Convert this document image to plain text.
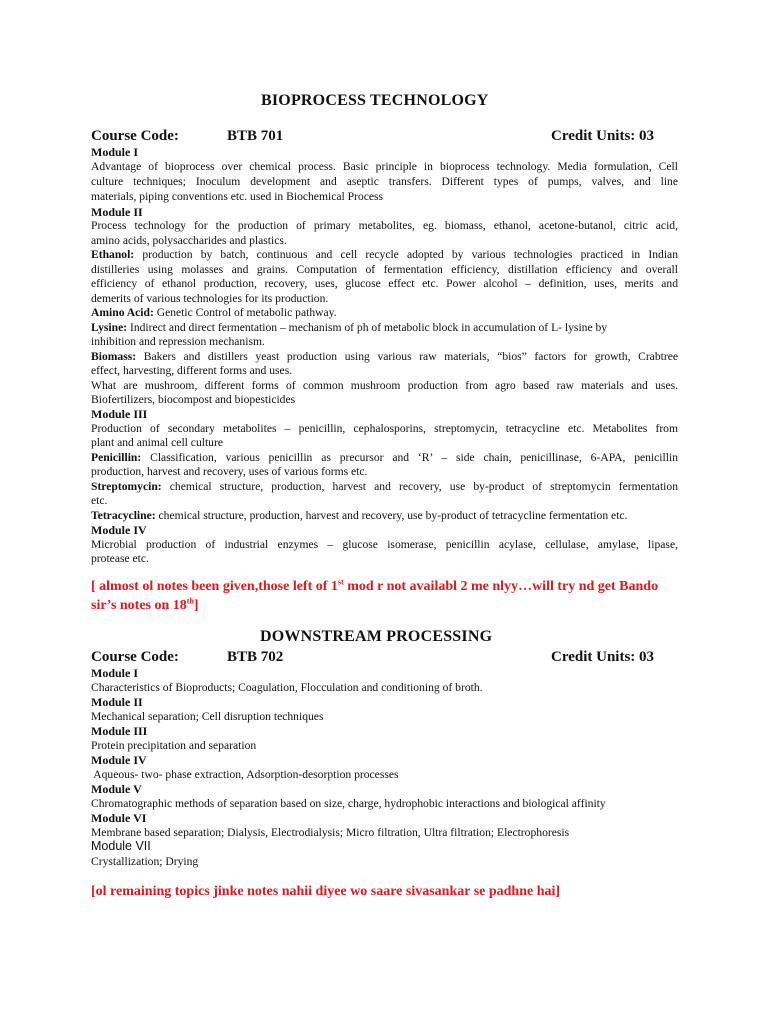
BIOPROCESS TECHNOLOGY
Course Code:	BTB 701	Credit Units: 03
Module I
Advantage of bioprocess over chemical process. Basic principle in bioprocess technology. Media formulation, Cell
culture techniques; Inoculum development and aseptic transfers. Different types of pumps, valves, and line
materials, piping conventions etc. used in Biochemical Process
Module II
Process technology for the production of primary metabolites, eg. biomass, ethanol, acetone-butanol, citric acid,
amino acids, polysaccharides and plastics.
Ethanol: production by batch, continuous and cell recycle adopted by various technologies practiced in Indian
distilleries using molasses and grains. Computation of fermentation efficiency, distillation efficiency and overall
efficiency of ethanol production, recovery, uses, glucose effect etc. Power alcohol – definition, uses, merits and
demerits of various technologies for its production.
Amino Acid: Genetic Control of metabolic pathway.
Lysine: Indirect and direct fermentation – mechanism of ph of metabolic block in accumulation of L- lysine by
inhibition and repression mechanism.
Biomass: Bakers and distillers yeast production using various raw materials, “bios” factors for growth, Crabtree
effect, harvesting, different forms and uses.
What are mushroom, different forms of common mushroom production from agro based raw materials and uses.
Biofertilizers, biocompost and biopesticides
Module III
Production of secondary metabolites – penicillin, cephalosporins, streptomycin, tetracycline etc. Metabolites from
plant and animal cell culture
Penicillin: Classification, various penicillin as precursor and ‘R’ – side chain, penicillinase, 6-APA, penicillin
production, harvest and recovery, uses of various forms etc.
Streptomycin: chemical structure, production, harvest and recovery, use by-product of streptomycin fermentation
etc.
Tetracycline: chemical structure, production, harvest and recovery, use by-product of tetracycline fermentation etc.
Module IV
Microbial production of industrial enzymes – glucose isomerase, penicillin acylase, cellulase, amylase, lipase,
protease etc.
[ almost ol notes been given,those left of 1st mod r not availabl 2 me nlyy…will try nd get Bando
sir’s notes on 18th]
DOWNSTREAM PROCESSING
Course Code:	BTB 702	Credit Units: 03
Module I
Characteristics of Bioproducts; Coagulation, Flocculation and conditioning of broth.
Module II
Mechanical separation; Cell disruption techniques
Module III
Protein precipitation and separation
Module IV
Aqueous- two- phase extraction, Adsorption-desorption processes
Module V
Chromatographic methods of separation based on size, charge, hydrophobic interactions and biological affinity
Module VI
Membrane based separation; Dialysis, Electrodialysis; Micro filtration, Ultra filtration; Electrophoresis
Module VII
Crystallization; Drying
[ol remaining topics jinke notes nahii diyee wo saare sivasankar se padhne hai]
